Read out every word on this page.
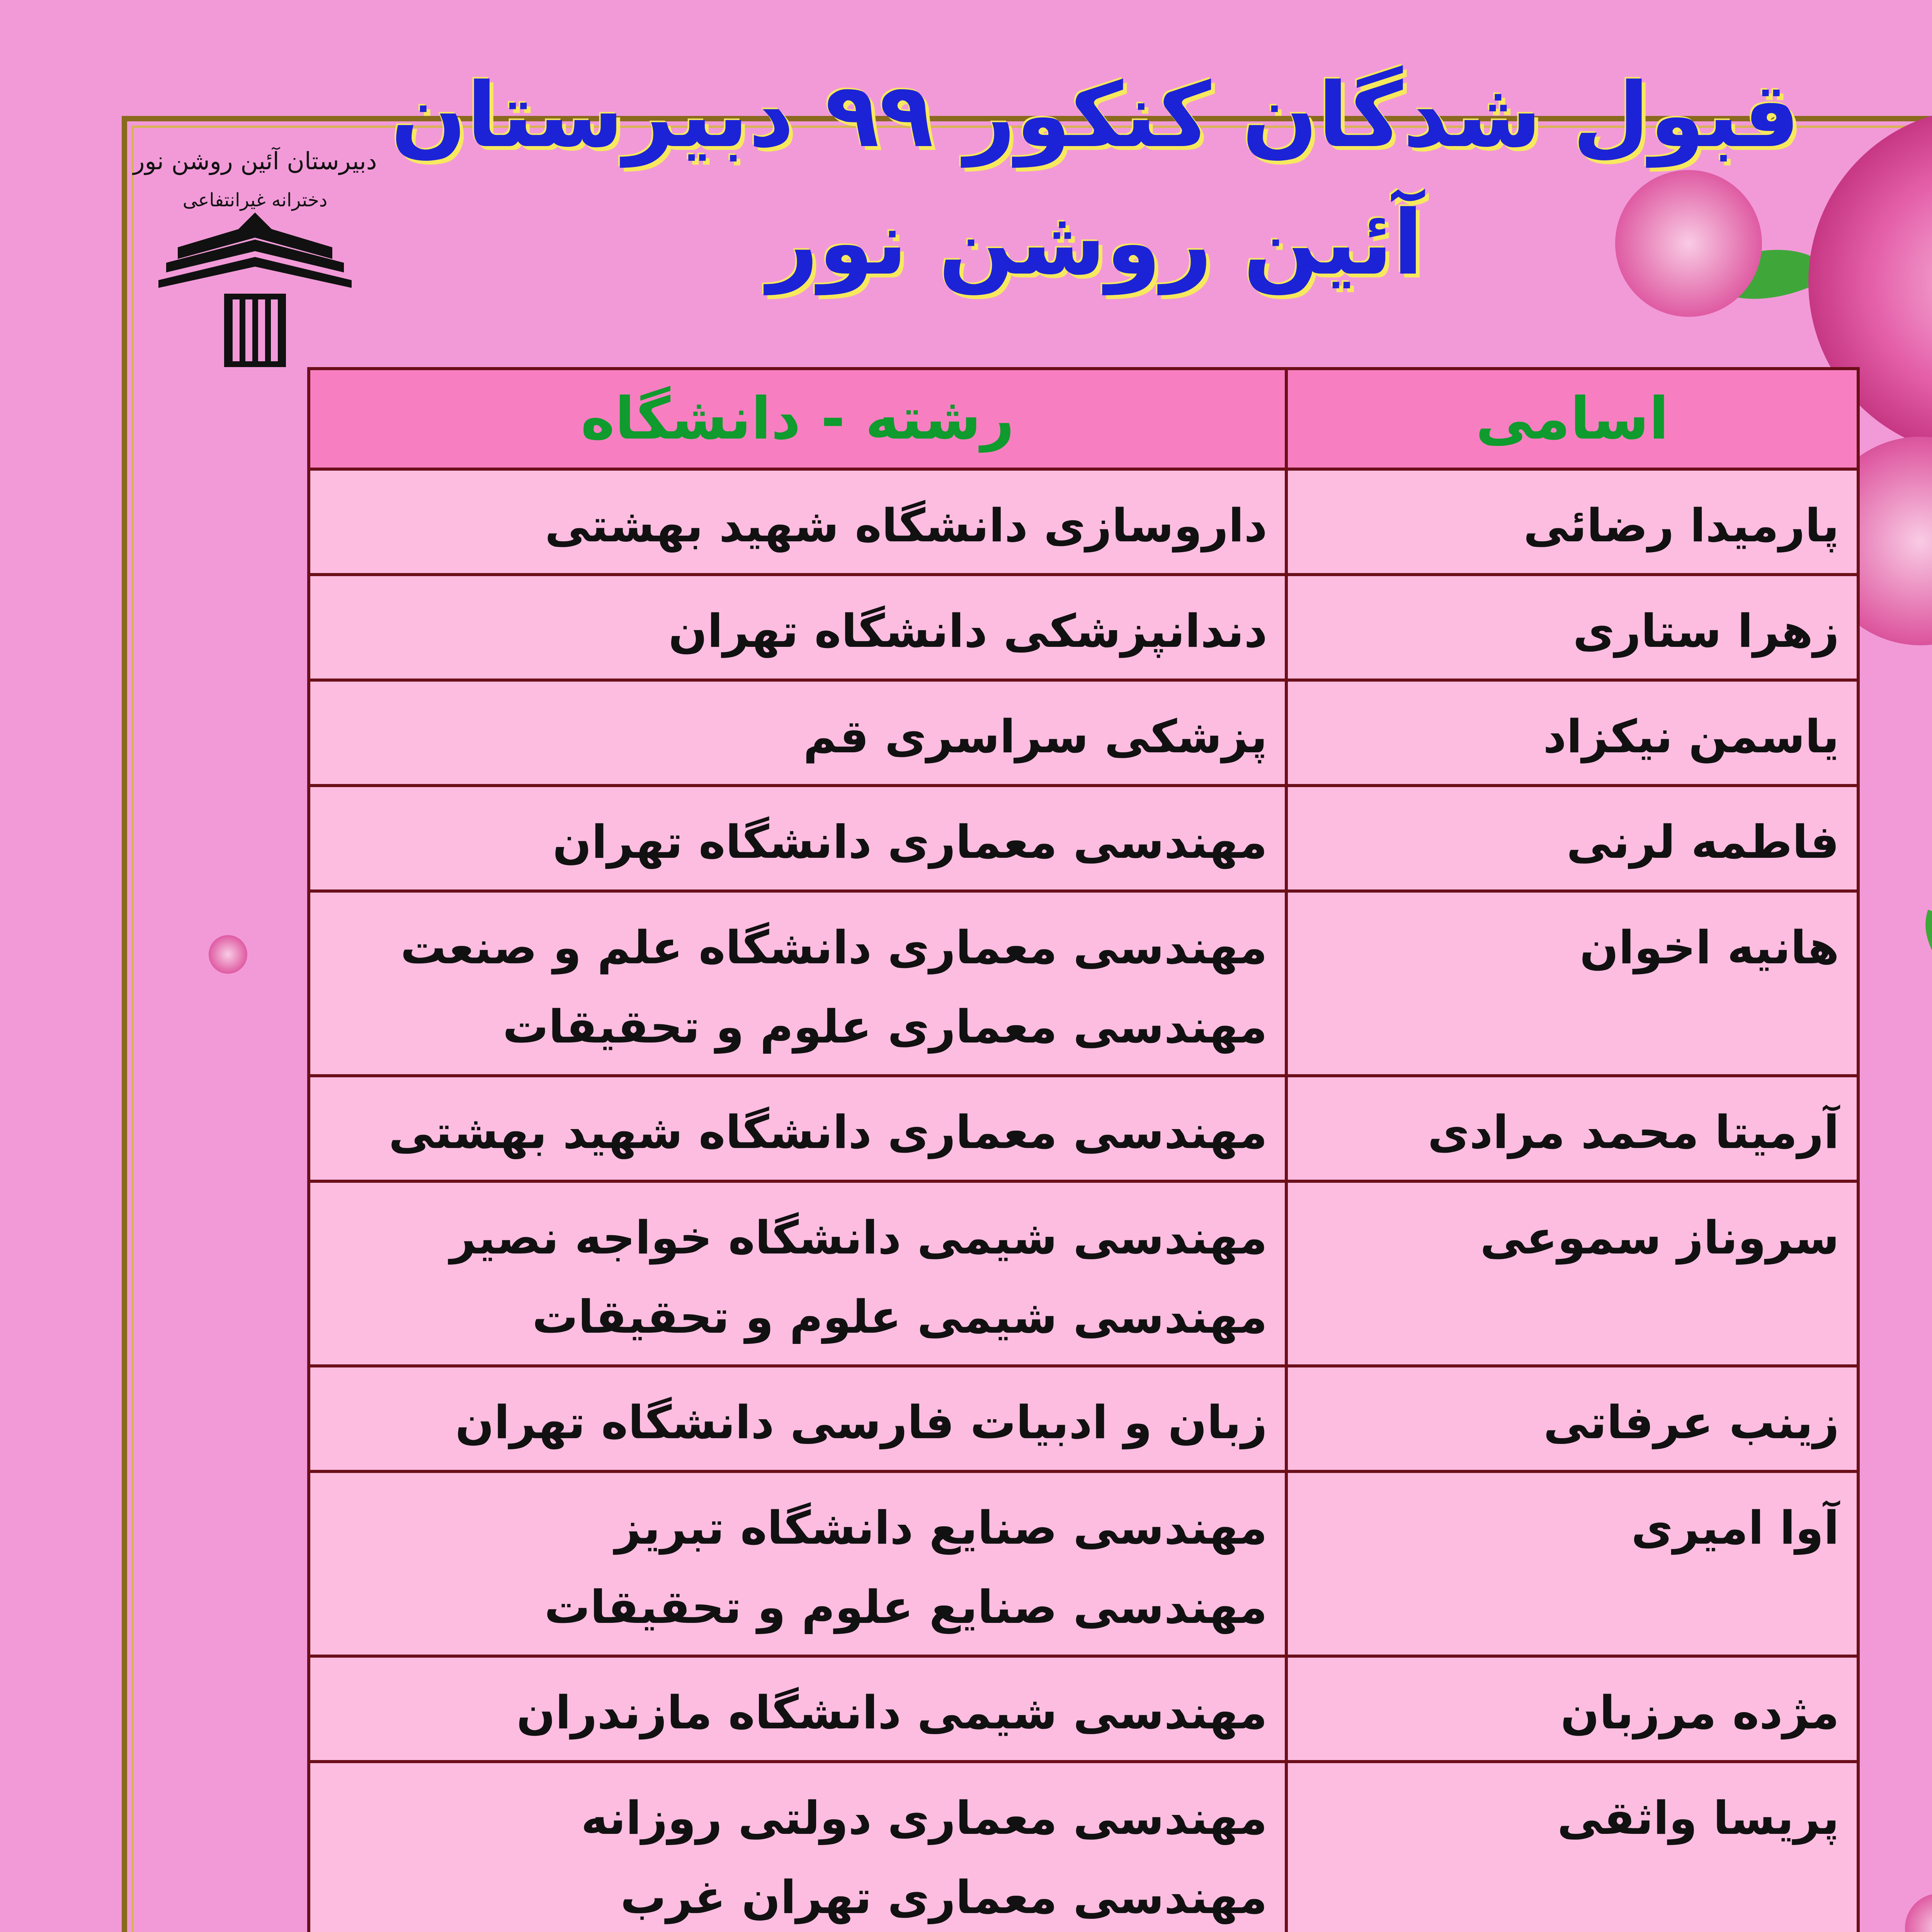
دبیرستان آئین روشن نور
دخترانه غیرانتفاعی
قبول شدگان کنکور ۹۹ دبیرستان
آئین روشن نور
اسامی	رشته - دانشگاه
پارمیدا رضائی	داروسازی دانشگاه شهید بهشتی

زهرا ستاری	دندانپزشکی دانشگاه تهران

یاسمن نیکزاد	پزشکی سراسری قم

فاطمه لرنی	مهندسی معماری دانشگاه تهران

هانیه اخوان	مهندسی معماری دانشگاه علم و صنعت
مهندسی معماری علوم و تحقیقات

آرمیتا محمد مرادی	مهندسی معماری دانشگاه شهید بهشتی

سروناز سموعی	مهندسی شیمی دانشگاه خواجه نصیر
مهندسی شیمی علوم و تحقیقات

زینب عرفاتی	زبان و ادبیات فارسی دانشگاه تهران

آوا امیری	مهندسی صنایع دانشگاه تبریز
مهندسی صنایع علوم و تحقیقات

مژده مرزبان	مهندسی شیمی دانشگاه مازندران

پریسا واثقی	مهندسی معماری دولتی روزانه
مهندسی معماری تهران غرب
